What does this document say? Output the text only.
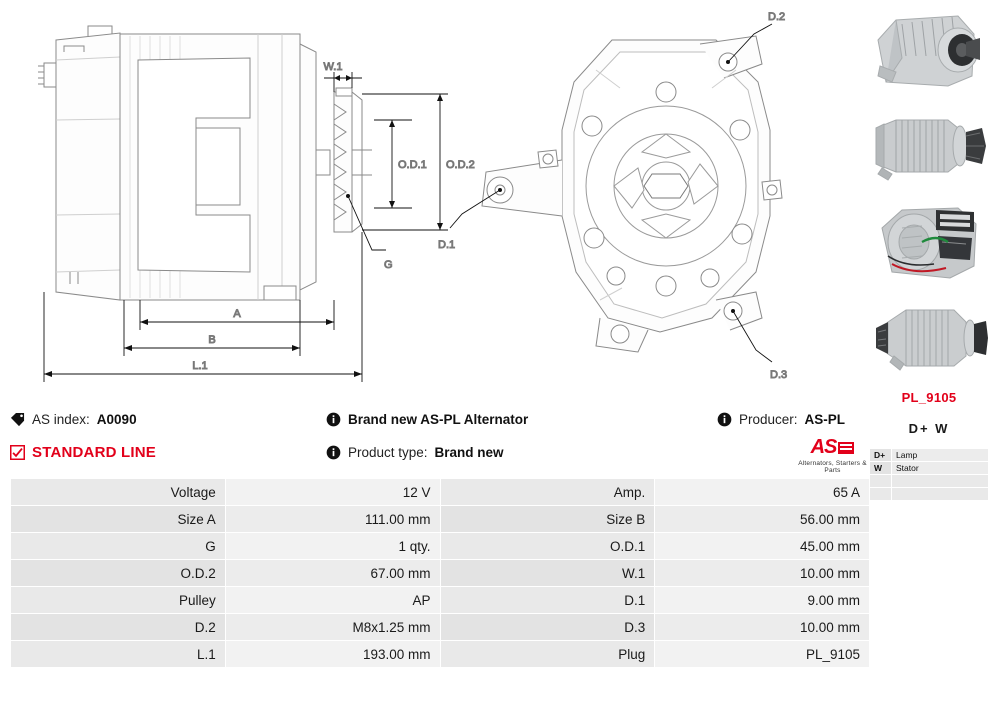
W.1
O.D.1 O.D.2
G
A
B
L.1
D.2
D.1
D.3
AS index: A0090	Brand new AS-PL Alternator	Producer: AS-PL
STANDARD LINE	Product type: Brand new	AS
Alternators, Starters & Parts
Voltage	12 V	Amp.	65 A
Size A	111.00 mm	Size B	56.00 mm
G	1 qty.	O.D.1	45.00 mm
O.D.2	67.00 mm	W.1	10.00 mm
Pulley	AP	D.1	9.00 mm
D.2	M8x1.25 mm	D.3	10.00 mm
L.1	193.00 mm	Plug	PL_9105
PL_9105
D+ W
D+	Lamp
W	Stator
